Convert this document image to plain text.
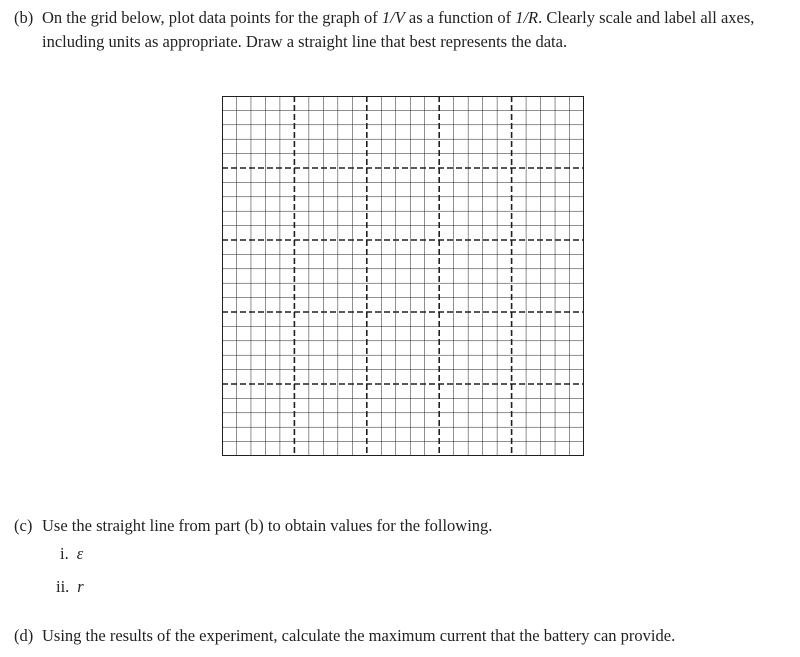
(b) On the grid below, plot data points for the graph of 1/V as a function of 1/R. Clearly scale and label all axes, including units as appropriate. Draw a straight line that best represents the data.
(c) Use the straight line from part (b) to obtain values for the following.
i. ε
ii. r
(d) Using the results of the experiment, calculate the maximum current that the battery can provide.
